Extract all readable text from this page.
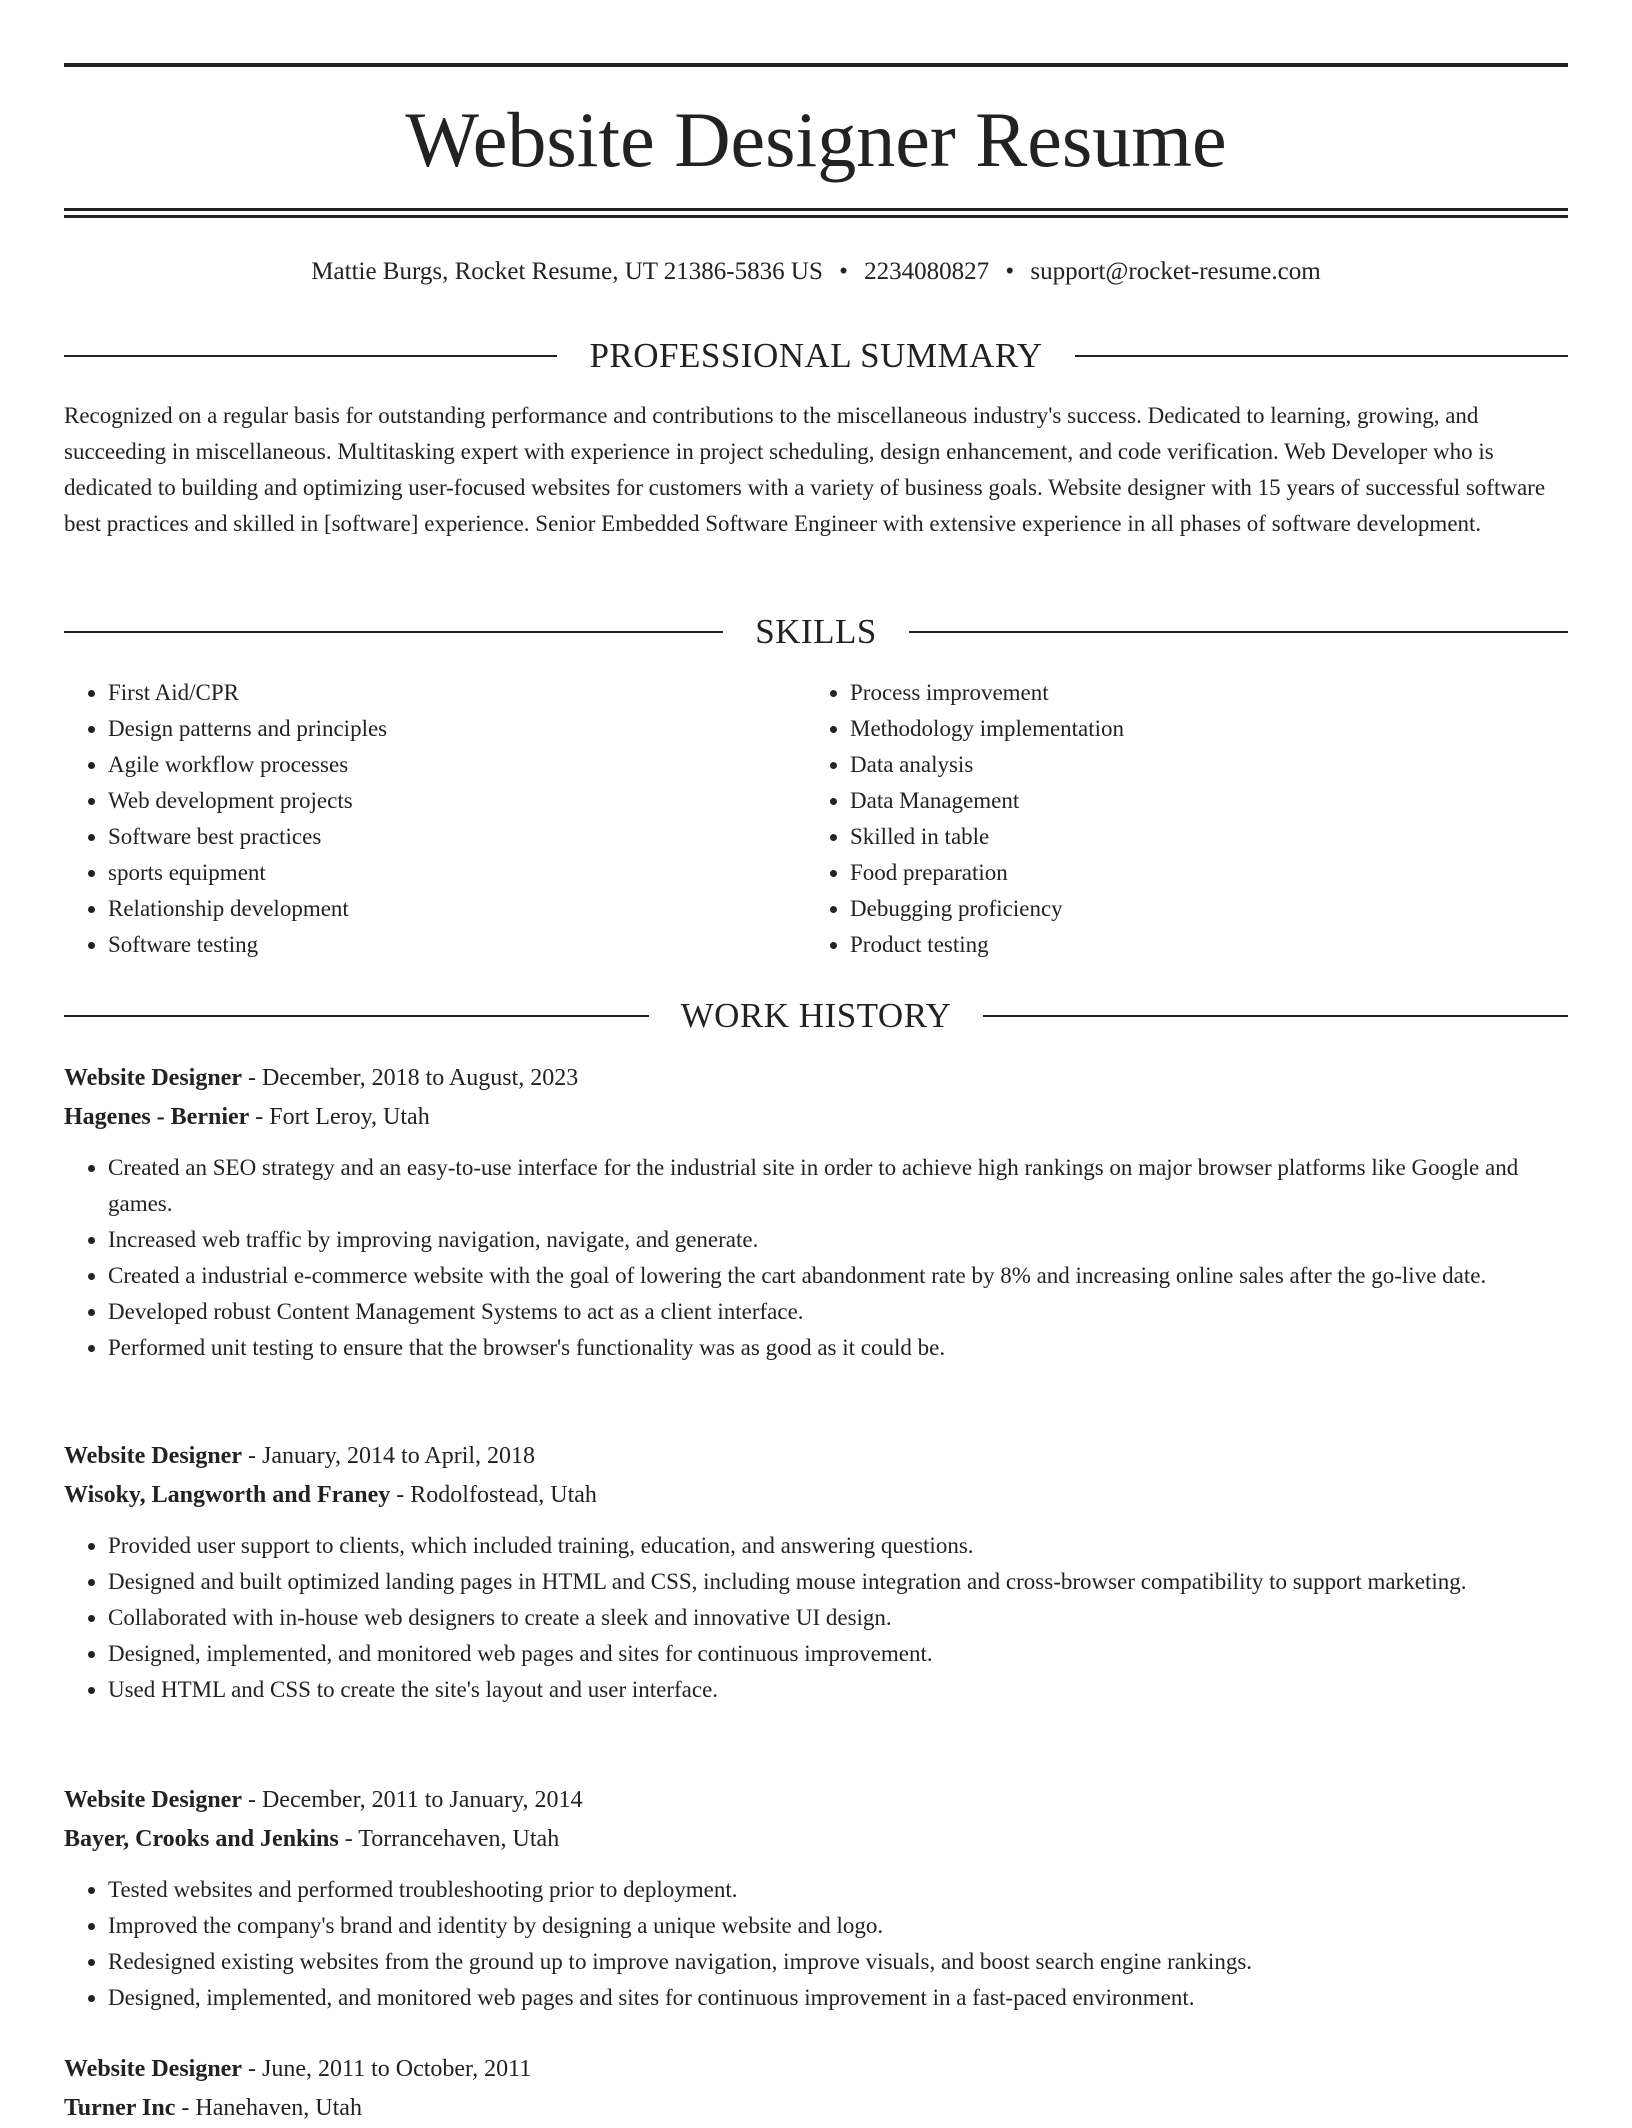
Website Designer Resume
Mattie Burgs, Rocket Resume, UT 21386-5836 US • 2234080827 • support@rocket-resume.com
PROFESSIONAL SUMMARY

Recognized on a regular basis for outstanding performance and contributions to the miscellaneous industry's success. Dedicated to learning, growing, and succeeding in miscellaneous. Multitasking expert with experience in project scheduling, design enhancement, and code verification. Web Developer who is dedicated to building and optimizing user-focused websites for customers with a variety of business goals. Website designer with 15 years of successful software best practices and skilled in [software] experience. Senior Embedded Software Engineer with extensive experience in all phases of software development.

SKILLS
• First Aid/CPR
• Design patterns and principles
• Agile workflow processes
• Web development projects
• Software best practices
• sports equipment
• Relationship development
• Software testing
• Process improvement
• Methodology implementation
• Data analysis
• Data Management
• Skilled in table
• Food preparation
• Debugging proficiency
• Product testing
WORK HISTORY
Website Designer - December, 2018 to August, 2023
Hagenes - Bernier - Fort Leroy, Utah
• Created an SEO strategy and an easy-to-use interface for the industrial site in order to achieve high rankings on major browser platforms like Google and games.
• Increased web traffic by improving navigation, navigate, and generate.
• Created a industrial e-commerce website with the goal of lowering the cart abandonment rate by 8% and increasing online sales after the go-live date.
• Developed robust Content Management Systems to act as a client interface.
• Performed unit testing to ensure that the browser's functionality was as good as it could be.
Website Designer - January, 2014 to April, 2018
Wisoky, Langworth and Franey - Rodolfostead, Utah
• Provided user support to clients, which included training, education, and answering questions.
• Designed and built optimized landing pages in HTML and CSS, including mouse integration and cross-browser compatibility to support marketing.
• Collaborated with in-house web designers to create a sleek and innovative UI design.
• Designed, implemented, and monitored web pages and sites for continuous improvement.
• Used HTML and CSS to create the site's layout and user interface.
Website Designer - December, 2011 to January, 2014
Bayer, Crooks and Jenkins - Torrancehaven, Utah
• Tested websites and performed troubleshooting prior to deployment.
• Improved the company's brand and identity by designing a unique website and logo.
• Redesigned existing websites from the ground up to improve navigation, improve visuals, and boost search engine rankings.
• Designed, implemented, and monitored web pages and sites for continuous improvement in a fast-paced environment.
Website Designer - June, 2011 to October, 2011
Turner Inc - Hanehaven, Utah
